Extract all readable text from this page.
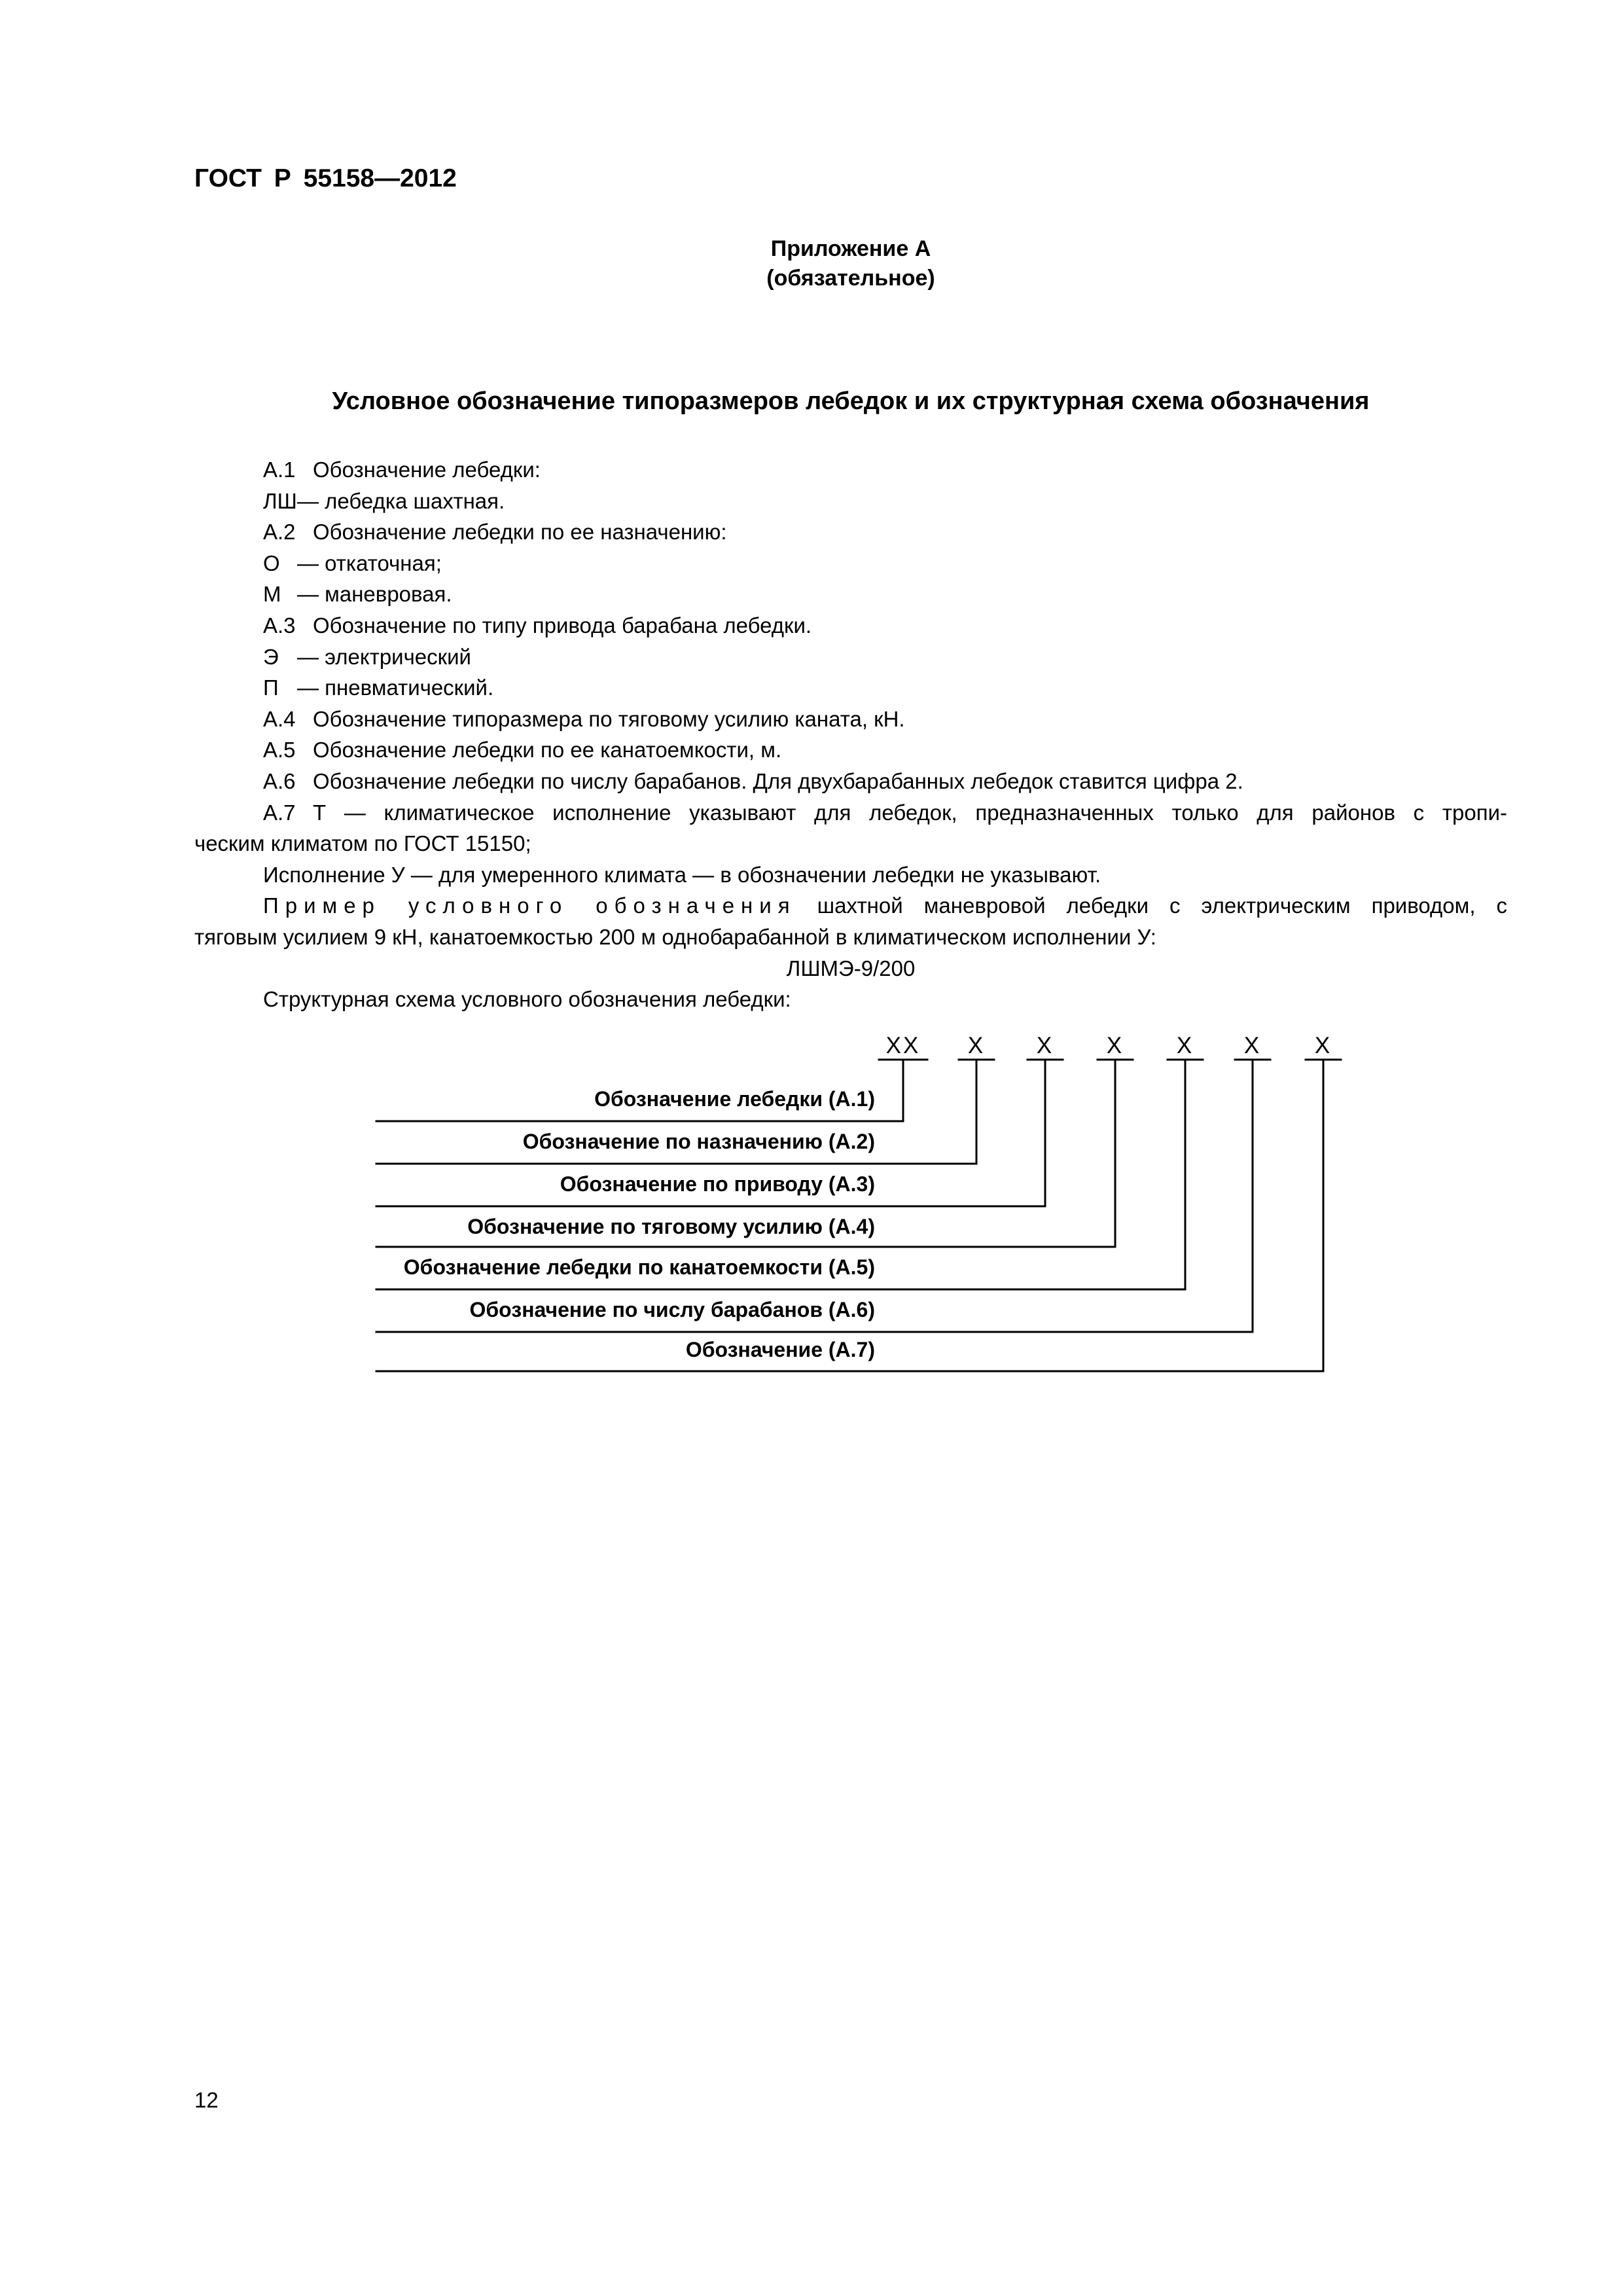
ГОСТ Р 55158—2012
Приложение А
(обязательное)
Условное обозначение типоразмеров лебедок и их структурная схема обозначения
А.1 Обозначение лебедки:
ЛШ— лебедка шахтная.
А.2 Обозначение лебедки по ее назначению:
О — откаточная;
М — маневровая.
А.3 Обозначение по типу привода барабана лебедки.
Э — электрический
П — пневматический.
А.4 Обозначение типоразмера по тяговому усилию каната, кН.
А.5 Обозначение лебедки по ее канатоемкости, м.
А.6 Обозначение лебедки по числу барабанов. Для двухбарабанных лебедок ставится цифра 2.
А.7 Т — климатическое исполнение указывают для лебедок, предназначенных только для районов с тропи-
ческим климатом по ГОСТ 15150;
Исполнение У — для умеренного климата — в обозначении лебедки не указывают.
Пример условного обозначения шахтной маневровой лебедки с электрическим приводом, с
тяговым усилием 9 кН, канатоемкостью 200 м однобарабанной в климатическом исполнении У:
ЛШМЭ-9/200
Структурная схема условного обозначения лебедки:
ХХ Х Х Х Х Х Х
Обозначение лебедки (А.1)
Обозначение по назначению (А.2)
Обозначение по приводу (А.3)
Обозначение по тяговому усилию (А.4)
Обозначение лебедки по канатоемкости (А.5)
Обозначение по числу барабанов (А.6)
Обозначение (А.7)
12
